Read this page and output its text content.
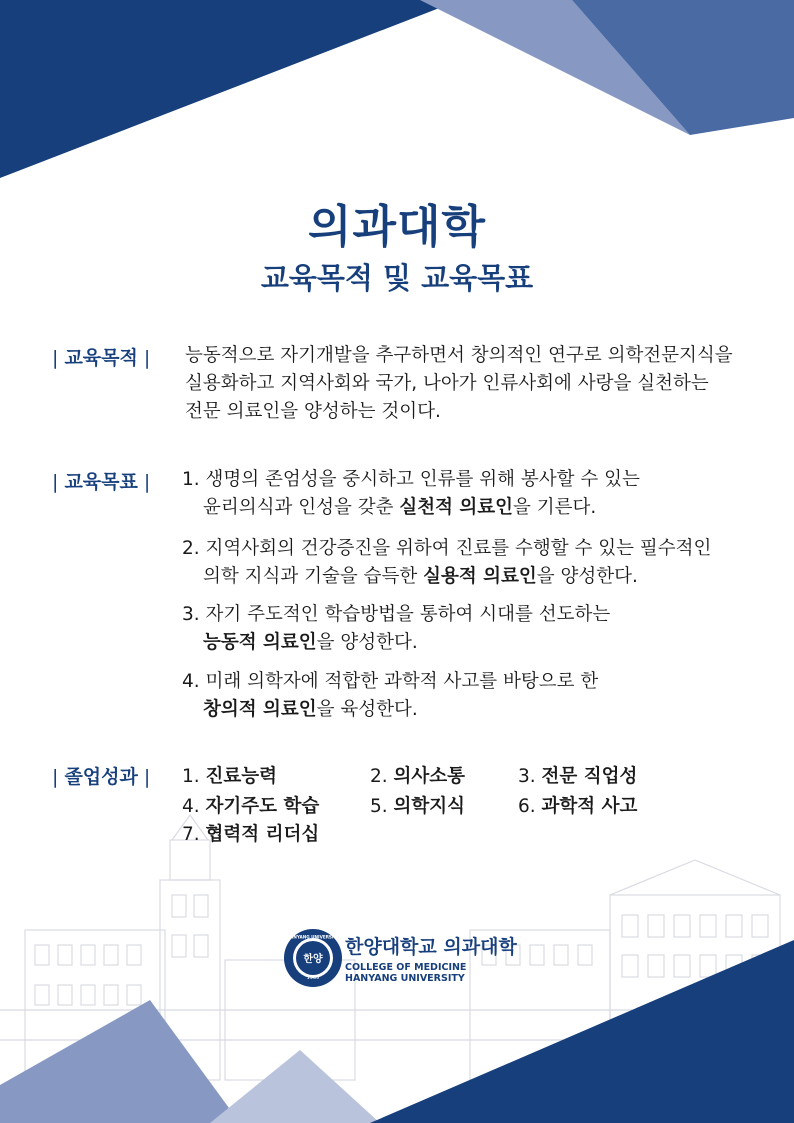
의과대학
교육목적 및 교육목표
| 교육목적 | 능동적으로 자기개발을 추구하면서 창의적인 연구로 의학전문지식을

실용화하고 지역사회와 국가, 나아가 인류사회에 사랑을 실천하는

전문 의료인을 양성하는 것이다.

| 교육목표 | 1. 생명의 존엄성을 중시하고 인류를 위해 봉사할 수 있는

윤리의식과 인성을 갖춘 실천적 의료인을 기른다.

2. 지역사회의 건강증진을 위하여 진료를 수행할 수 있는 필수적인

의학 지식과 기술을 습득한 실용적 의료인을 양성한다.

3. 자기 주도적인 학습방법을 통하여 시대를 선도하는

능동적 의료인을 양성한다.

4. 미래 의학자에 적합한 과학적 사고를 바탕으로 한

창의적 의료인을 육성한다.

| 졸업성과 | 1. 진료능력	2. 의사소통	3. 전문 직업성
4. 자기주도 학습	5. 의학지식	6. 과학적 사고
7. 협력적 리더십
한양
1939
HANYANG UNIVERSITY 한양대학교 의과대학
COLLEGE OF MEDICINE
HANYANG UNIVERSITY
